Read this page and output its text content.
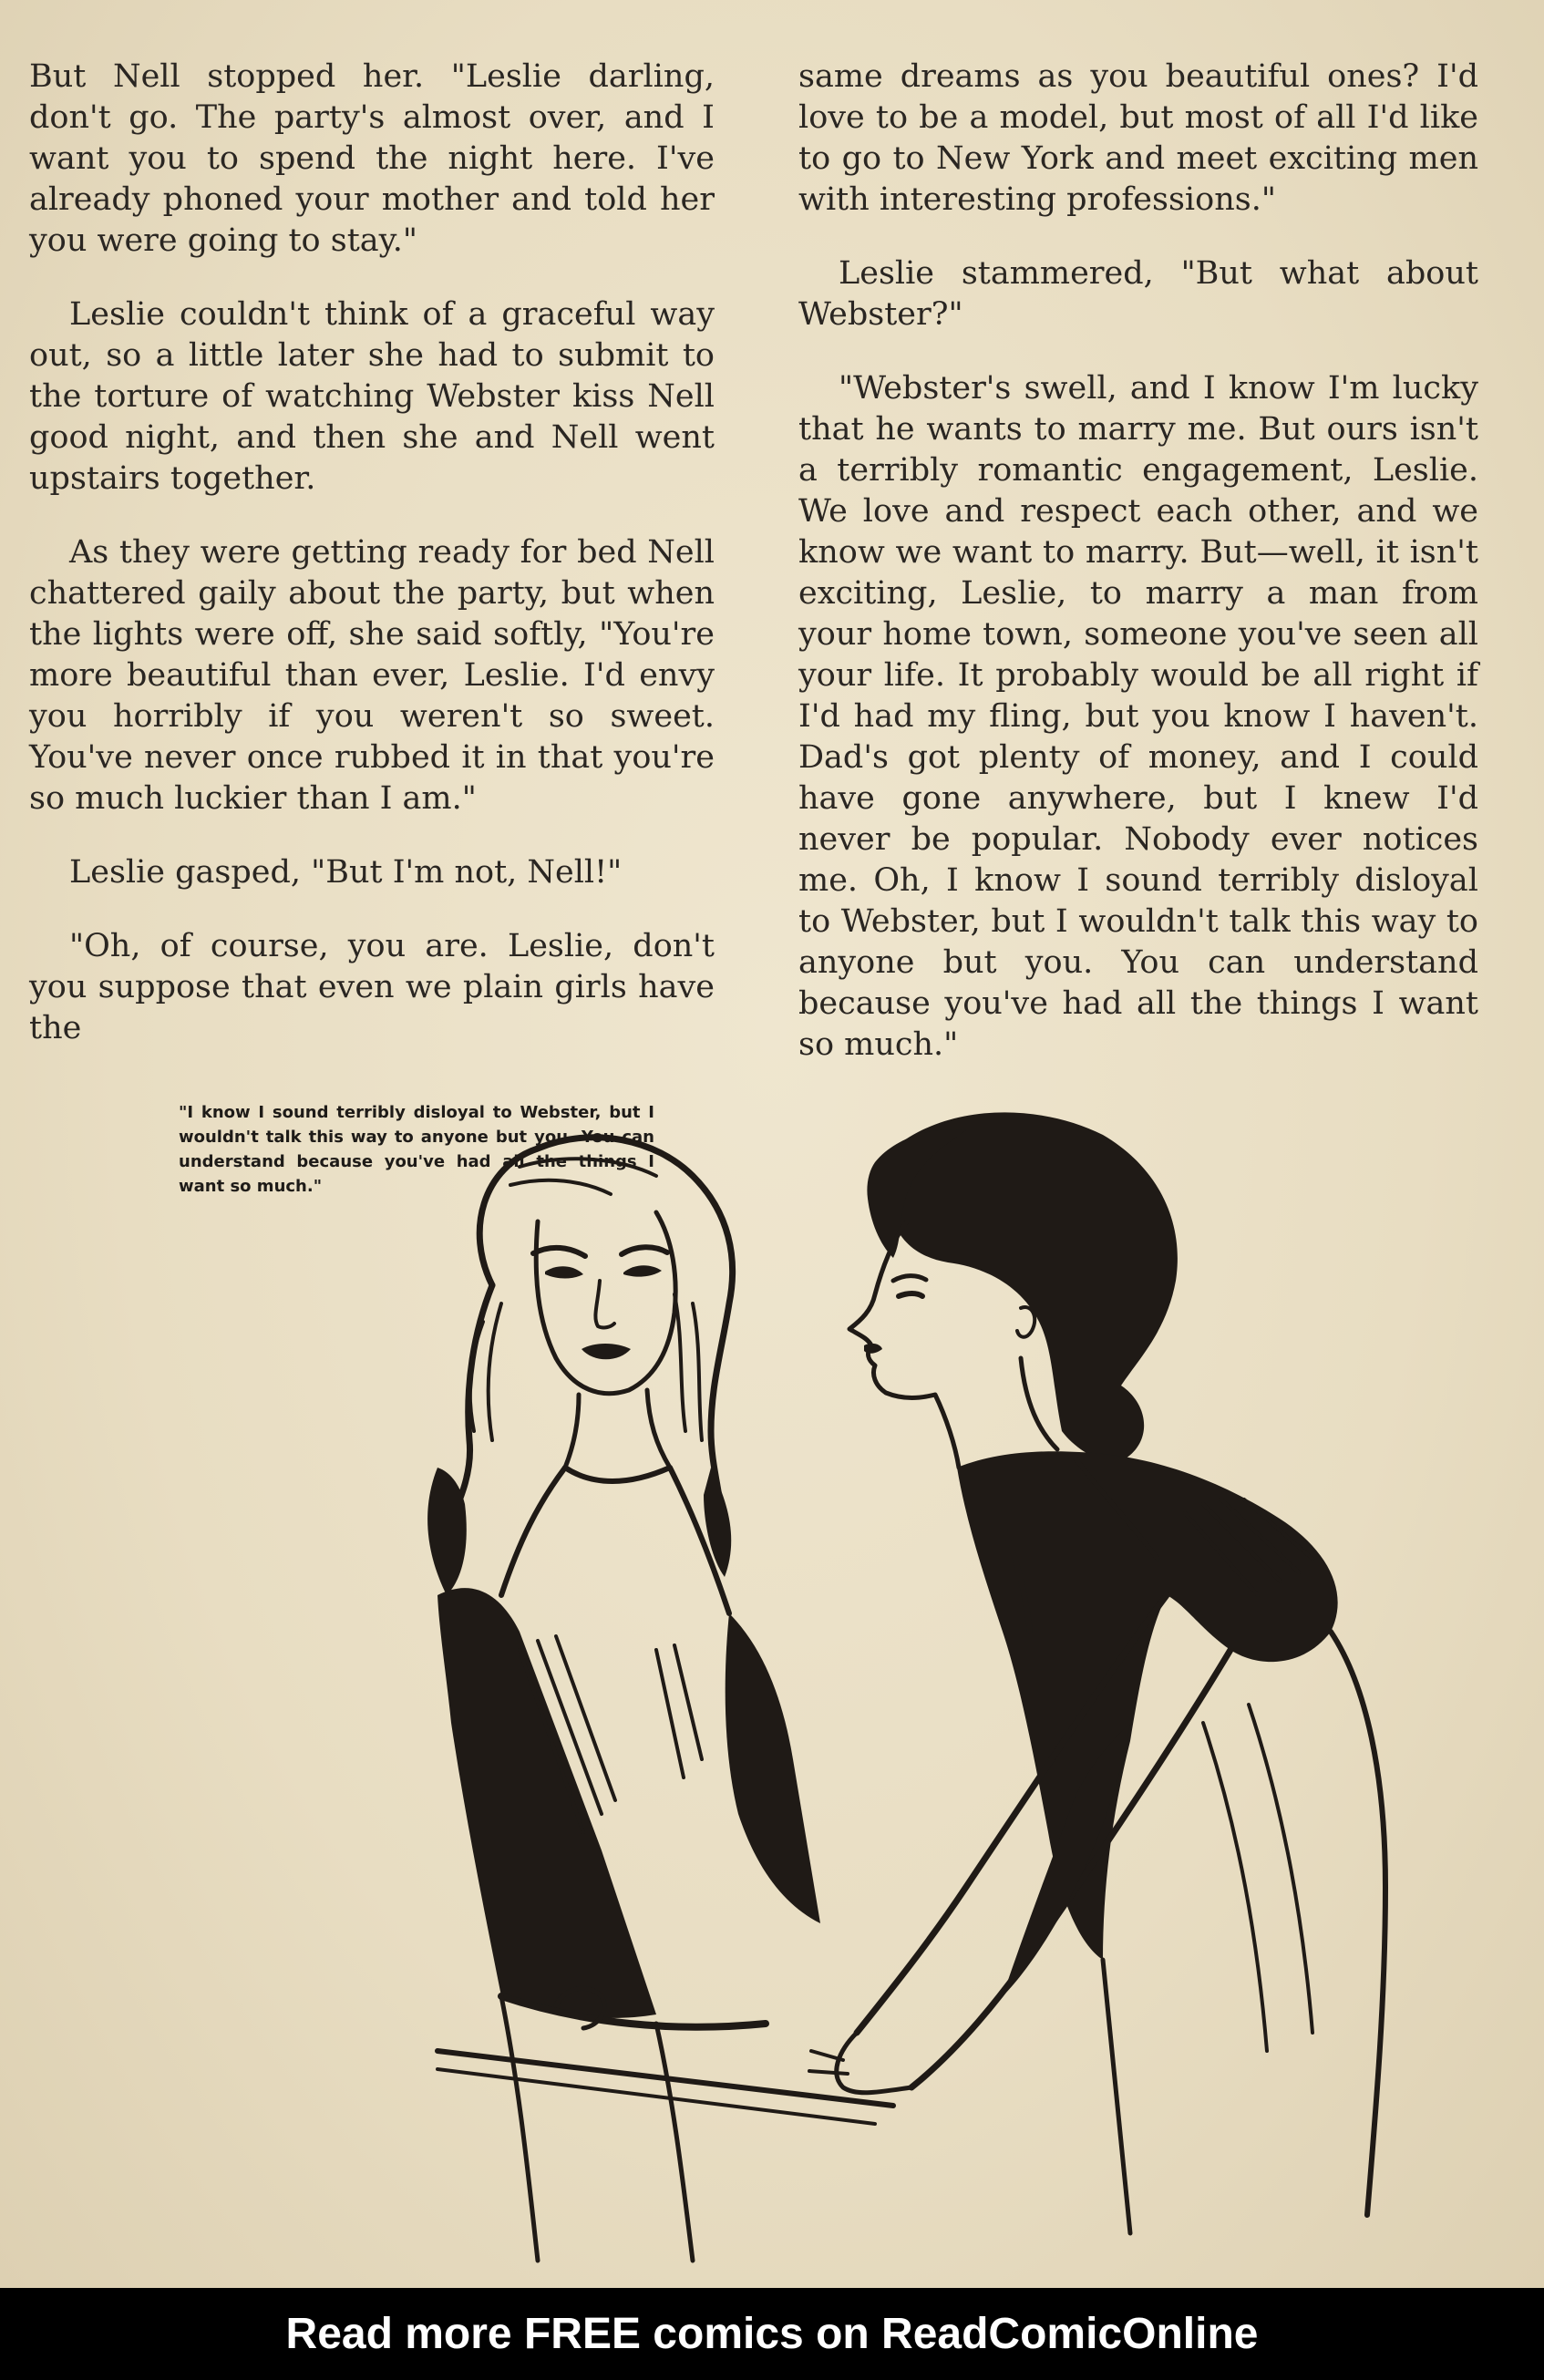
But Nell stopped her. "Leslie darling, don't go. The party's almost over, and I want you to spend the night here. I've already phoned your mother and told her you were going to stay."

Leslie couldn't think of a graceful way out, so a little later she had to submit to the torture of watching Webster kiss Nell good night, and then she and Nell went upstairs together.

As they were getting ready for bed Nell chattered gaily about the party, but when the lights were off, she said softly, "You're more beautiful than ever, Leslie. I'd envy you horribly if you weren't so sweet. You've never once rubbed it in that you're so much luckier than I am."

Leslie gasped, "But I'm not, Nell!"

"Oh, of course, you are. Leslie, don't you suppose that even we plain girls have the

same dreams as you beautiful ones? I'd love to be a model, but most of all I'd like to go to New York and meet exciting men with interesting professions."

Leslie stammered, "But what about Webster?"

"Webster's swell, and I know I'm lucky that he wants to marry me. But ours isn't a terribly romantic engagement, Leslie. We love and respect each other, and we know we want to marry. But—well, it isn't exciting, Leslie, to marry a man from your home town, someone you've seen all your life. It probably would be all right if I'd had my fling, but you know I haven't. Dad's got plenty of money, and I could have gone anywhere, but I knew I'd never be popular. Nobody ever notices me. Oh, I know I sound terribly disloyal to Webster, but I wouldn't talk this way to anyone but you. You can understand because you've had all the things I want so much."

"I know I sound terribly disloyal to Webster, but I wouldn't talk this way to anyone but you. You can understand because you've had all the things I want so much."
Read more FREE comics on ReadComicOnline
